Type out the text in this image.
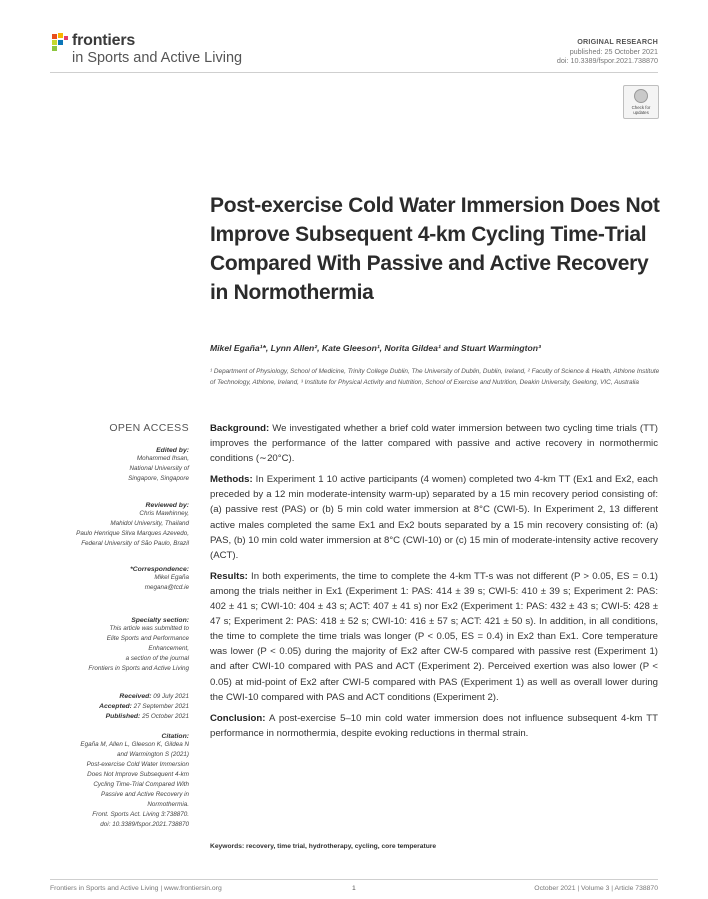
frontiers
in Sports and Active Living
ORIGINAL RESEARCH
published: 25 October 2021
doi: 10.3389/fspor.2021.738870
Check for updates
Post-exercise Cold Water Immersion Does Not Improve Subsequent 4-km Cycling Time-Trial Compared With Passive and Active Recovery in Normothermia
Mikel Egaña¹*, Lynn Allen², Kate Gleeson¹, Norita Gildea¹ and Stuart Warmington³
¹ Department of Physiology, School of Medicine, Trinity College Dublin, The University of Dublin, Dublin, Ireland, ² Faculty of Science & Health, Athlone Institute of Technology, Athlone, Ireland, ³ Institute for Physical Activity and Nutrition, School of Exercise and Nutrition, Deakin University, Geelong, VIC, Australia
OPEN ACCESS
Edited by:
Mohammed Ihsan,
National University of
Singapore, Singapore
Reviewed by:
Chris Mawhinney,
Mahidol University, Thailand
Paulo Henrique Silva Marques Azevedo,
Federal University of São Paulo, Brazil
*Correspondence:
Mikel Egaña
megana@tcd.ie
Specialty section:
This article was submitted to
Elite Sports and Performance
Enhancement,
a section of the journal
Frontiers in Sports and Active Living
Received: 09 July 2021
Accepted: 27 September 2021
Published: 25 October 2021
Citation:
Egaña M, Allen L, Gleeson K, Gildea N
and Warmington S (2021)
Post-exercise Cold Water Immersion
Does Not Improve Subsequent 4-km
Cycling Time-Trial Compared With
Passive and Active Recovery in
Normothermia.
Front. Sports Act. Living 3:738870.
doi: 10.3389/fspor.2021.738870

Background: We investigated whether a brief cold water immersion between two cycling time trials (TT) improves the performance of the latter compared with passive and active recovery in normothermic conditions (∼20°C).

Methods: In Experiment 1 10 active participants (4 women) completed two 4-km TT (Ex1 and Ex2, each preceded by a 12 min moderate-intensity warm-up) separated by a 15 min recovery period consisting of: (a) passive rest (PAS) or (b) 5 min cold water immersion at 8°C (CWI-5). In Experiment 2, 13 different active males completed the same Ex1 and Ex2 bouts separated by a 15 min recovery consisting of: (a) PAS, (b) 10 min cold water immersion at 8°C (CWI-10) or (c) 15 min of moderate-intensity active recovery (ACT).

Results: In both experiments, the time to complete the 4-km TT-s was not different (P > 0.05, ES = 0.1) among the trials neither in Ex1 (Experiment 1: PAS: 414 ± 39 s; CWI-5: 410 ± 39 s; Experiment 2: PAS: 402 ± 41 s; CWI-10: 404 ± 43 s; ACT: 407 ± 41 s) nor Ex2 (Experiment 1: PAS: 432 ± 43 s; CWI-5: 428 ± 47 s; Experiment 2: PAS: 418 ± 52 s; CWI-10: 416 ± 57 s; ACT: 421 ± 50 s). In addition, in all conditions, the time to complete the time trials was longer (P < 0.05, ES = 0.4) in Ex2 than Ex1. Core temperature was lower (P < 0.05) during the majority of Ex2 after CW-5 compared with passive rest (Experiment 1) and after CWI-10 compared with PAS and ACT (Experiment 2). Perceived exertion was also lower (P < 0.05) at mid-point of Ex2 after CWI-5 compared with PAS (Experiment 1) as well as overall lower during the CWI-10 compared with PAS and ACT conditions (Experiment 2).

Conclusion: A post-exercise 5–10 min cold water immersion does not influence subsequent 4-km TT performance in normothermia, despite evoking reductions in thermal strain.

Keywords: recovery, time trial, hydrotherapy, cycling, core temperature
Frontiers in Sports and Active Living | www.frontiersin.org	1	October 2021 | Volume 3 | Article 738870
